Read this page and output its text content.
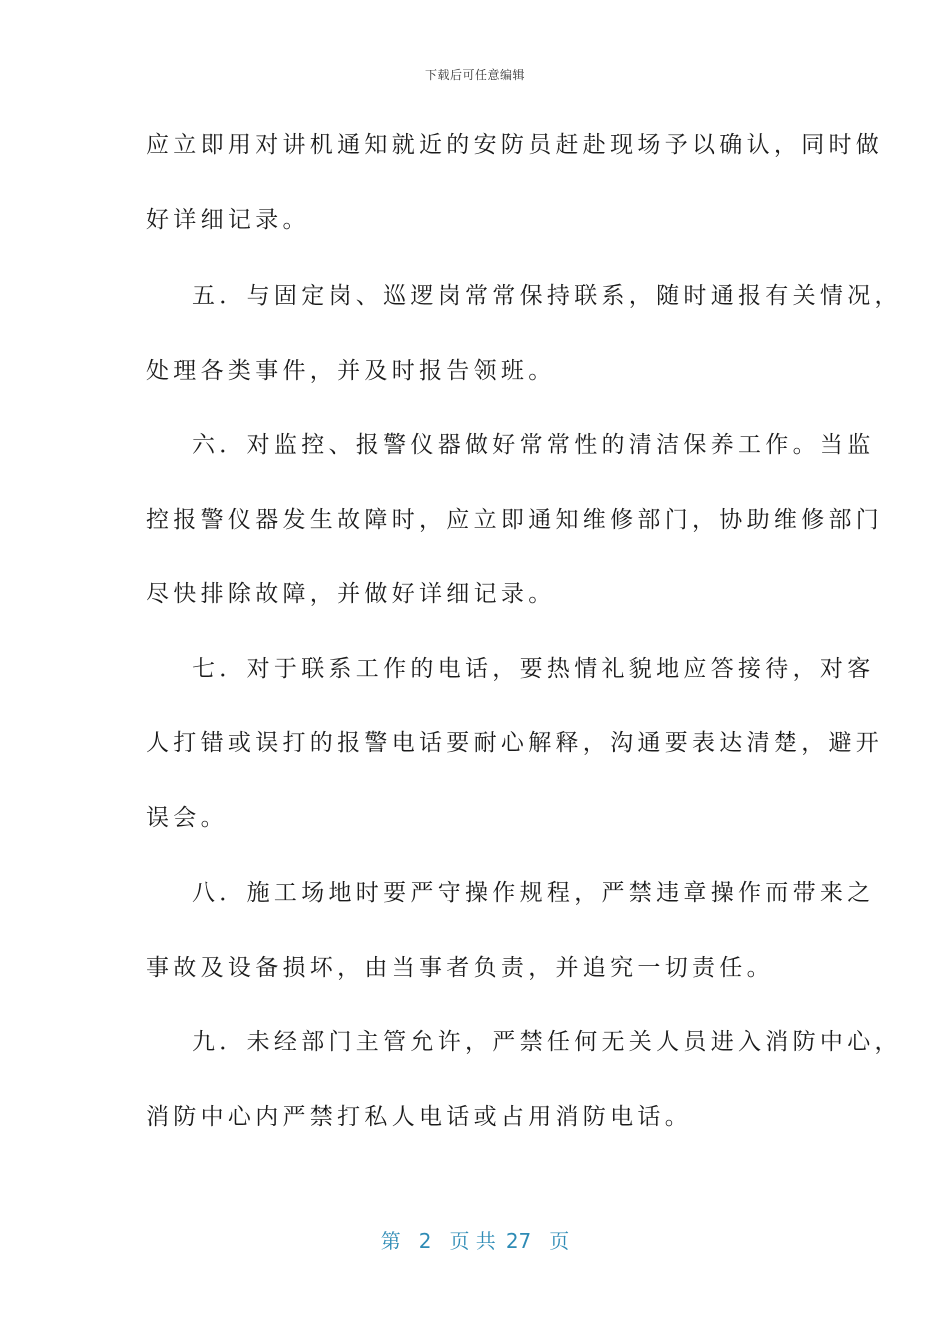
下载后可任意编辑
应立即用对讲机通知就近的安防员赶赴现场予以确认，同时做
好详细记录。
五．与固定岗、巡逻岗常常保持联系，随时通报有关情况，
处理各类事件，并及时报告领班。
六．对监控、报警仪器做好常常性的清洁保养工作。当监
控报警仪器发生故障时，应立即通知维修部门，协助维修部门
尽快排除故障，并做好详细记录。
七．对于联系工作的电话，要热情礼貌地应答接待，对客
人打错或误打的报警电话要耐心解释，沟通要表达清楚，避开
误会。
八．施工场地时要严守操作规程，严禁违章操作而带来之
事故及设备损坏，由当事者负责，并追究一切责任。
九．未经部门主管允许，严禁任何无关人员进入消防中心，
消防中心内严禁打私人电话或占用消防电话。
第 2 页 共 27 页
